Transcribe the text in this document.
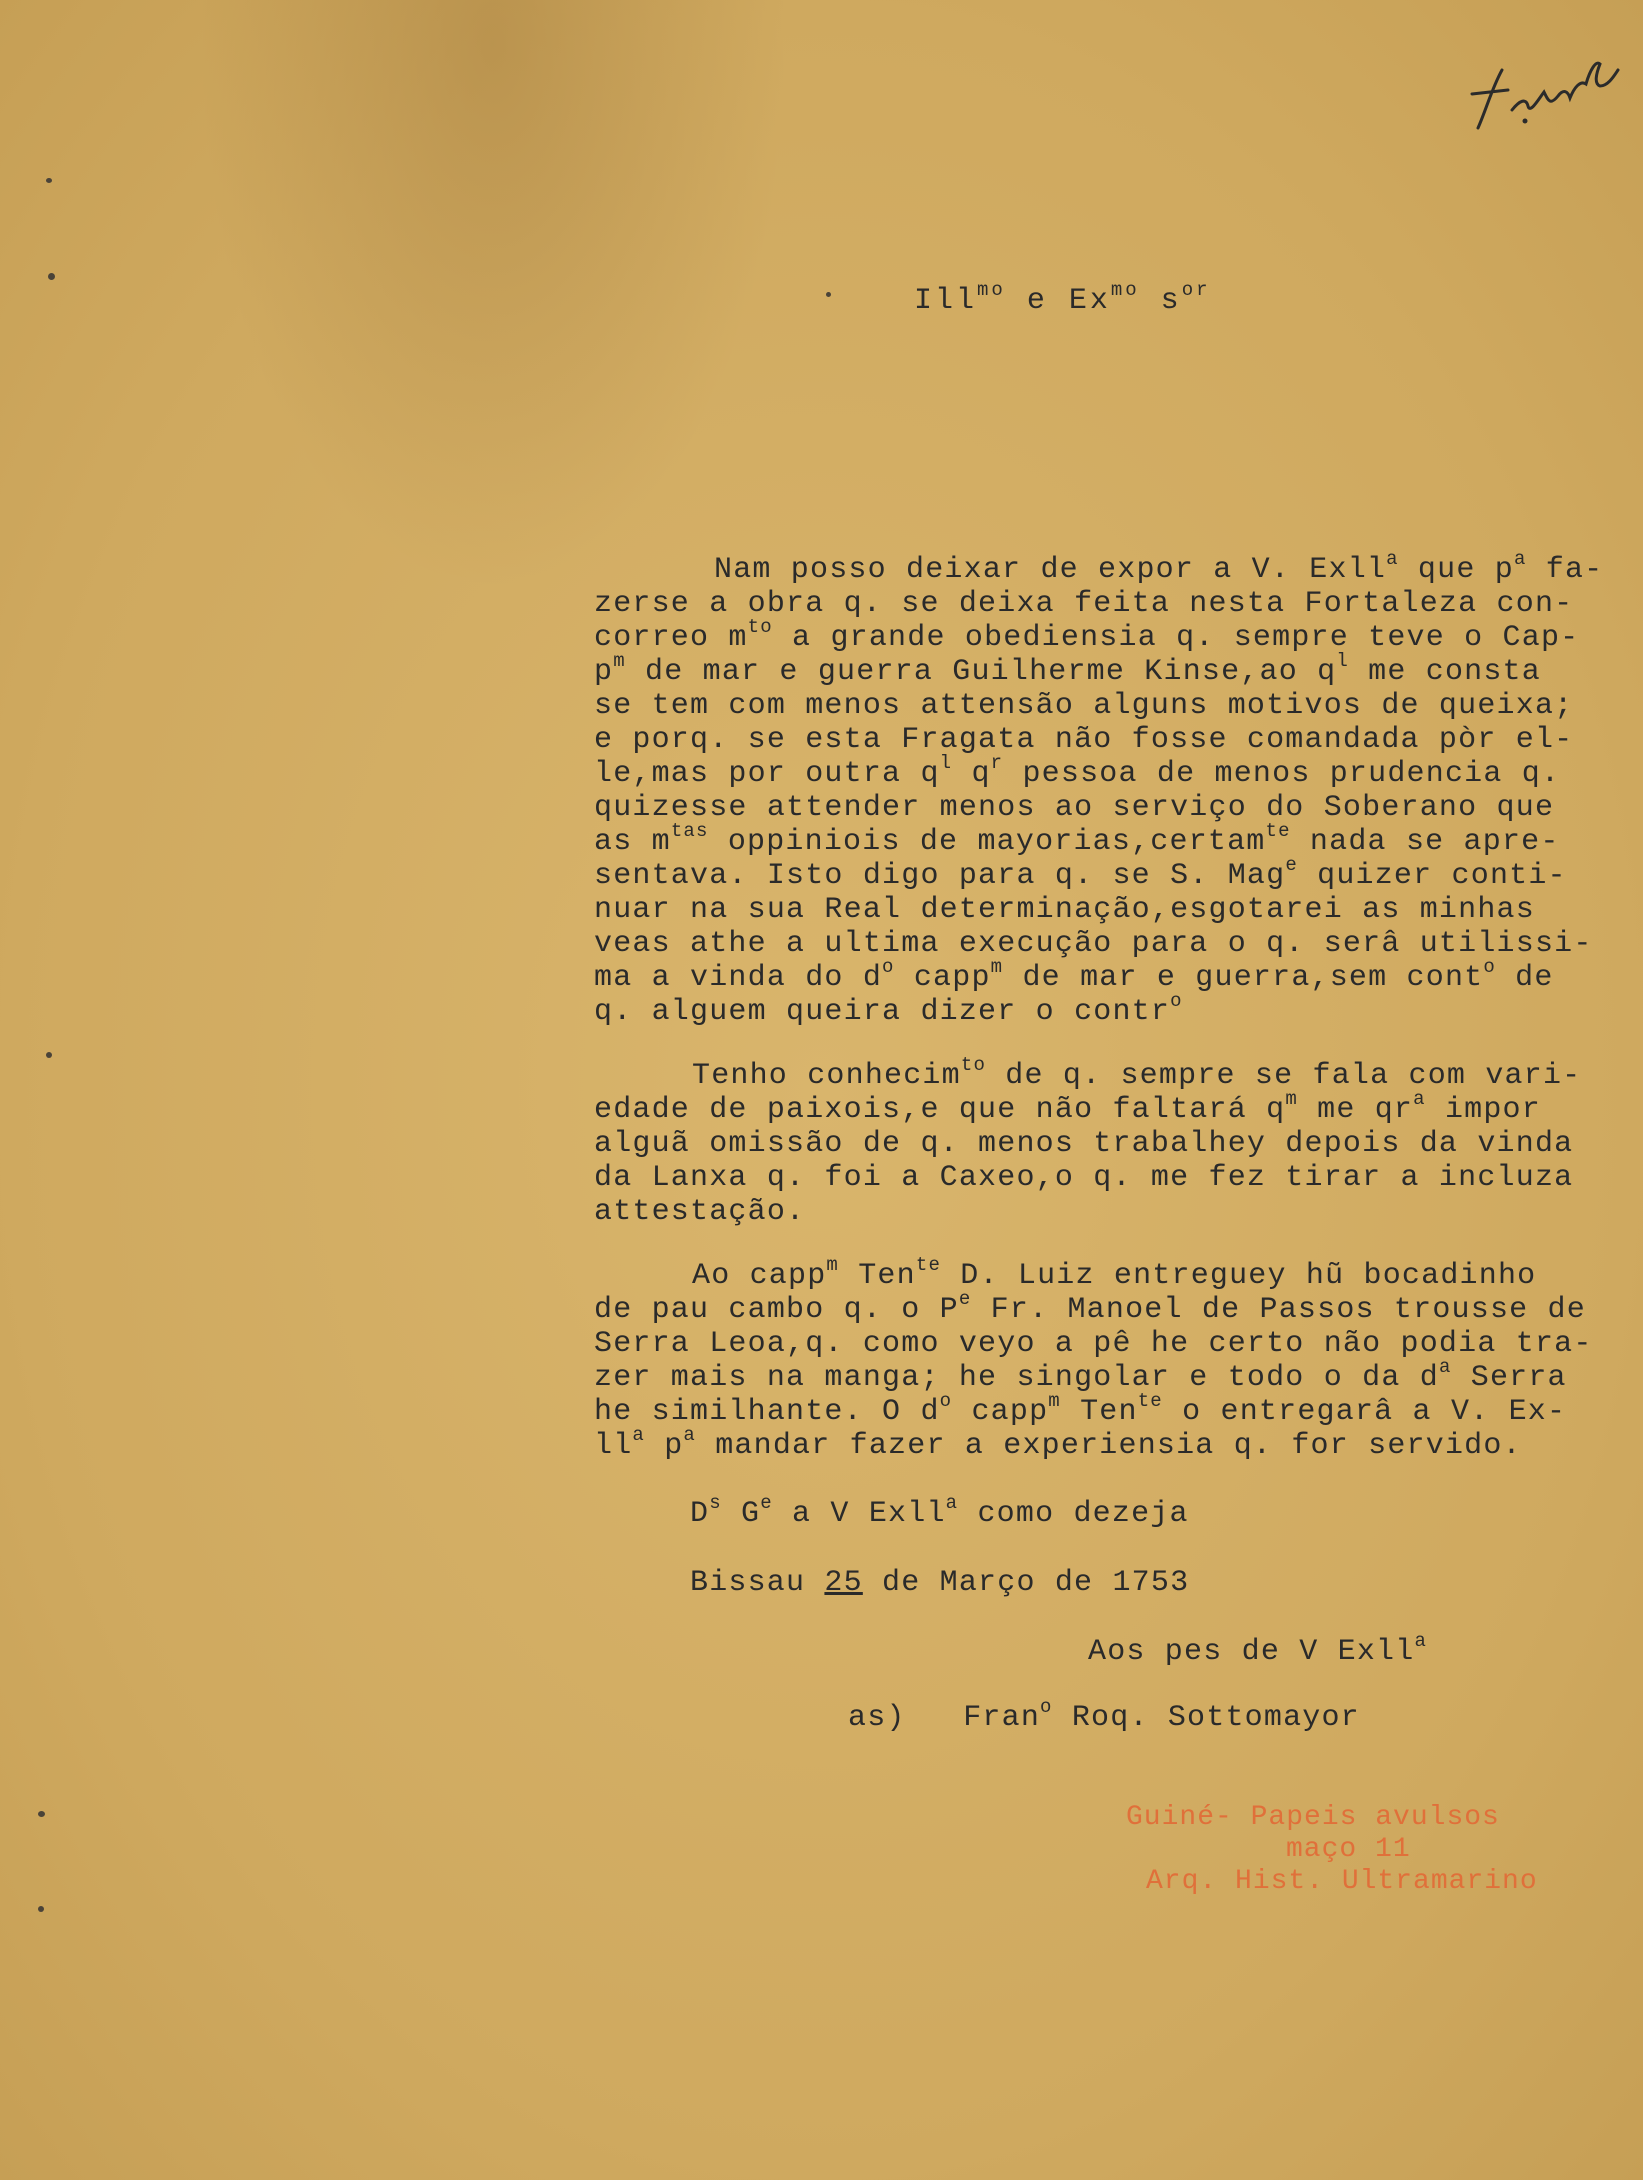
Ill$^{mo}$ e $Ex^{mo}$ $s^{or}$
Nam posso deixar de expor a V. Exll$^a$ que $p^a$ fa-
zerse a obra q. se deixa feita nesta Fortaleza con-
correo $m^{to}$ a grande obediensia q. sempre teve o Cap-
$p^m$ de mar e guerra Guilherme Kinse,ao $q^l$ me consta
se tem com menos attensão alguns motivos de queixa;
e porq. se esta Fragata não fosse comandada pòr el-
le,mas por outra $q^l$ $q^r$ pessoa de menos prudencia q.
quizesse attender menos ao serviço do Soberano que
as $m^{tas}$ oppiniois de mayorias,certam$^{te}$ nada se apre-
sentava. Isto digo para q. se S. Mag$^e$ quizer conti-
nuar na sua Real determinação,esgotarei as minhas
veas athe a ultima execução para o q. serâ utilissi-
ma a vinda do $d^o$ capp$^m$ de mar e guerra,sem cont$^o$ de
q. alguem queira dizer o contr$^o$
Tenho conhecim$^{to}$ de q. sempre se fala com vari-
edade de paixois,e que não faltará $q^m$ me $qr^a$ impor
alguã omissão de q. menos trabalhey depois da vinda
da Lanxa q. foi a Caxeo,o q. me fez tirar a incluza
attestação.
Ao capp$^m$ Ten$^{te}$ D. Luiz entreguey hũ bocadinho
de pau cambo q. o $P^e$ Fr. Manoel de Passos trousse de
Serra Leoa,q. como veyo a pê he certo não podia tra-
zer mais na manga; he singolar e todo o da $d^a$ Serra
he similhante. O $d^o$ capp$^m$ Ten$^{te}$ o entregarâ a V. Ex-
$ll^a$ $p^a$ mandar fazer a experiensia q. for servido.
$D^s$ $G^e$ a V Exll$^a$ como dezeja
Bissau 25 de Março de 1753
Aos pes de V Exll$^a$
as)   Fran$^o$ Roq. Sottomayor
Guiné- Papeis avulsos
maço 11
Arq. Hist. Ultramarino
